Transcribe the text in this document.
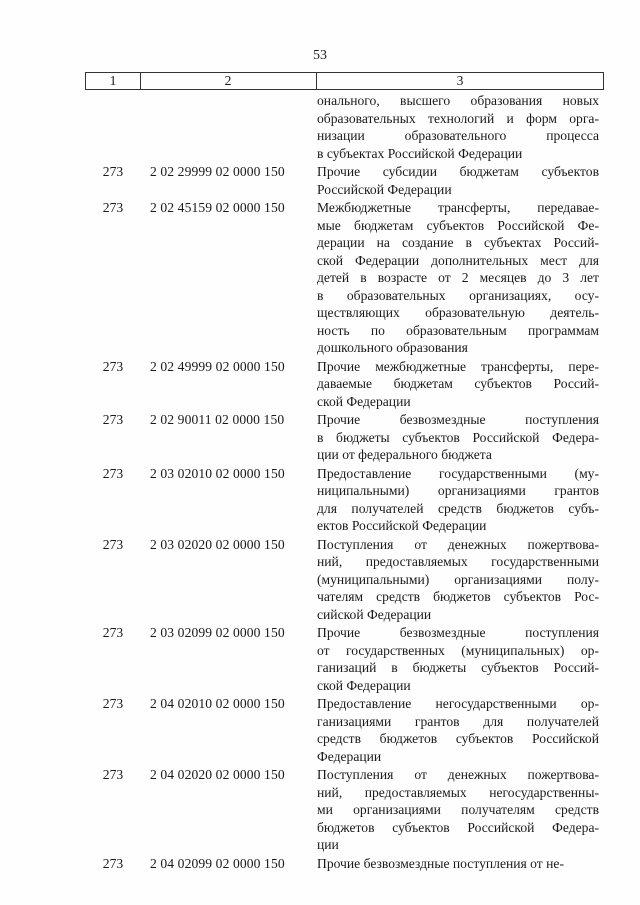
53
1	2	3
онального, высшего образования новых
образовательных технологий и форм орга-
низации образовательного процесса
в субъектах Российской Федерации
273	2 02 29999 02 0000 150	Прочие субсидии бюджетам субъектов
Российской Федерации
273	2 02 45159 02 0000 150	Межбюджетные трансферты, передавае-
мые бюджетам субъектов Российской Фе-
дерации на создание в субъектах Россий-
ской Федерации дополнительных мест для
детей в возрасте от 2 месяцев до 3 лет
в образовательных организациях, осу-
ществляющих образовательную деятель-
ность по образовательным программам
дошкольного образования
273	2 02 49999 02 0000 150	Прочие межбюджетные трансферты, пере-
даваемые бюджетам субъектов Россий-
ской Федерации
273	2 02 90011 02 0000 150	Прочие безвозмездные поступления
в бюджеты субъектов Российской Федера-
ции от федерального бюджета
273	2 03 02010 02 0000 150	Предоставление государственными (му-
ниципальными) организациями грантов
для получателей средств бюджетов субъ-
ектов Российской Федерации
273	2 03 02020 02 0000 150	Поступления от денежных пожертвова-
ний, предоставляемых государственными
(муниципальными) организациями полу-
чателям средств бюджетов субъектов Рос-
сийской Федерации
273	2 03 02099 02 0000 150	Прочие безвозмездные поступления
от государственных (муниципальных) ор-
ганизаций в бюджеты субъектов Россий-
ской Федерации
273	2 04 02010 02 0000 150	Предоставление негосударственными ор-
ганизациями грантов для получателей
средств бюджетов субъектов Российской
Федерации
273	2 04 02020 02 0000 150	Поступления от денежных пожертвова-
ний, предоставляемых негосударственны-
ми организациями получателям средств
бюджетов субъектов Российской Федера-
ции
273	2 04 02099 02 0000 150	Прочие безвозмездные поступления от не-
